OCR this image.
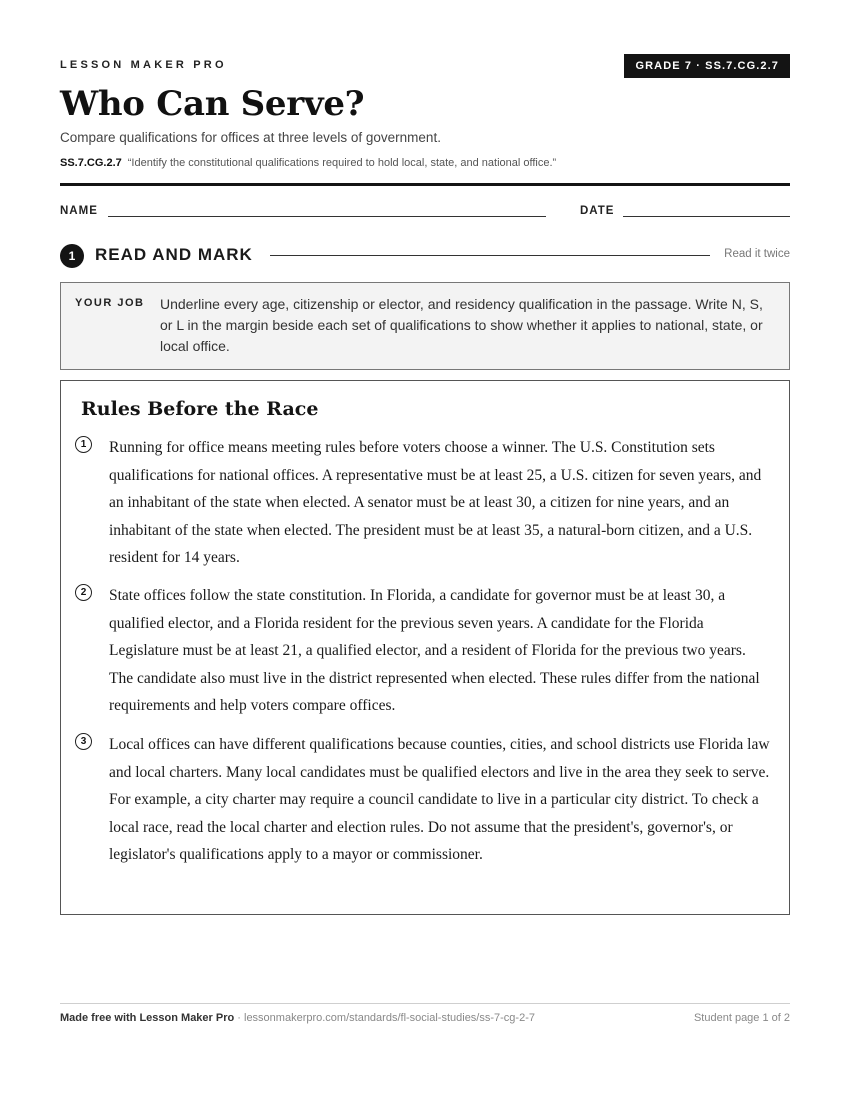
LESSON MAKER PRO	GRADE 7 · SS.7.CG.2.7
Who Can Serve?
Compare qualifications for offices at three levels of government.
SS.7.CG.2.7 “Identify the constitutional qualifications required to hold local, state, and national office.”
NAME	DATE
1	READ AND MARK	Read it twice
YOUR JOB Underline every age, citizenship or elector, and residency qualification in the passage. Write N, S, or L in the margin beside each set of qualifications to show whether it applies to national, state, or local office.
Rules Before the Race
1	Running for office means meeting rules before voters choose a winner. The U.S. Constitution sets qualifications for national offices. A representative must be at least 25, a U.S. citizen for seven years, and an inhabitant of the state when elected. A senator must be at least 30, a citizen for nine years, and an inhabitant of the state when elected. The president must be at least 35, a natural-born citizen, and a U.S. resident for 14 years.

2	State offices follow the state constitution. In Florida, a candidate for governor must be at least 30, a qualified elector, and a Florida resident for the previous seven years. A candidate for the Florida Legislature must be at least 21, a qualified elector, and a resident of Florida for the previous two years. The candidate also must live in the district represented when elected. These rules differ from the national requirements and help voters compare offices.

3	Local offices can have different qualifications because counties, cities, and school districts use Florida law and local charters. Many local candidates must be qualified electors and live in the area they seek to serve. For example, a city charter may require a council candidate to live in a particular city district. To check a local race, read the local charter and election rules. Do not assume that the president's, governor's, or legislator's qualifications apply to a mayor or commissioner.

Made free with Lesson Maker Pro · lessonmakerpro.com/standards/fl-social-studies/ss-7-cg-2-7	Student page 1 of 2
